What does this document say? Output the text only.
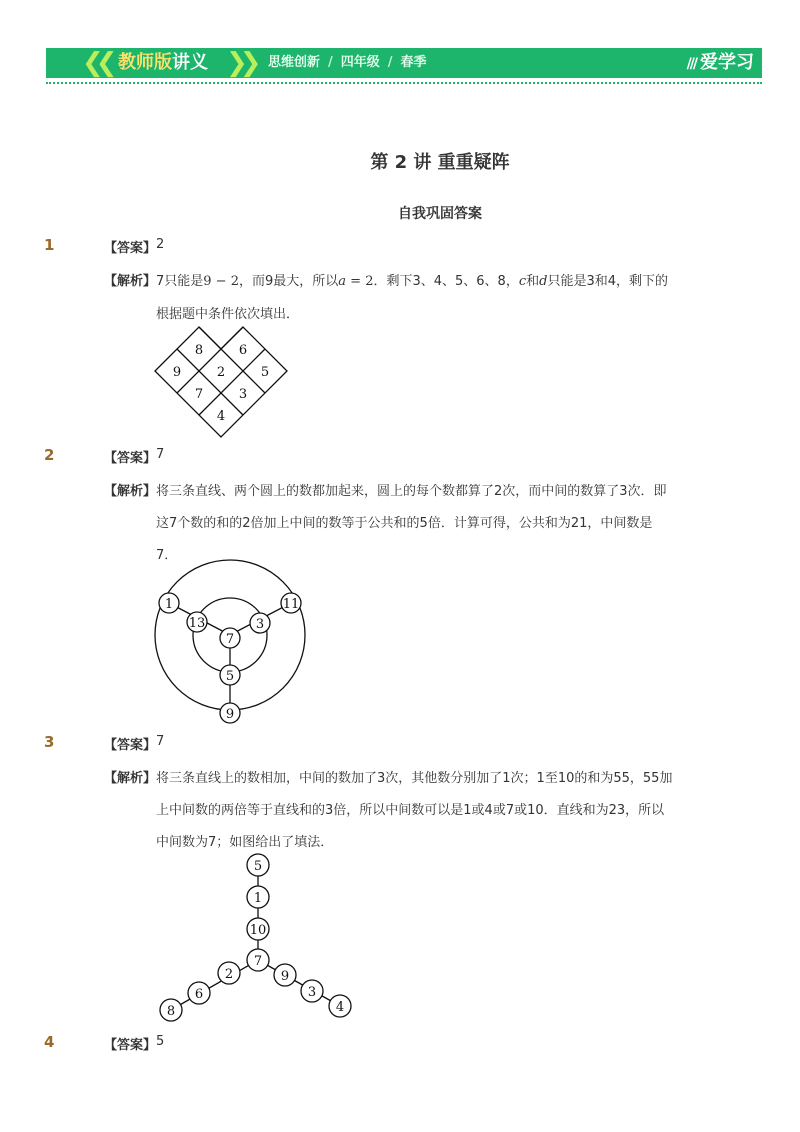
❮❮ 教师版讲义 ❯❯ 思维创新 / 四年级 / 春季	/// 爱学习
第 2 讲 重重疑阵
自我巩固答案
1	【答案】 2
【解析】 7只能是9 − 2，而9最大，所以a = 2．剩下3、4、5、6、8，c和d只能是3和4，剩下的
根据题中条件依次填出．
8	6
9	2	5
7	3
4
2	【答案】 7
【解析】 将三条直线、两个圆上的数都加起来，圆上的每个数都算了2次，而中间的数算了3次．即
这7个数的和的2倍加上中间的数等于公共和的5倍．计算可得，公共和为21，中间数是
7．
1	11
13	3
7
5
9
3	【答案】 7
【解析】 将三条直线上的数相加，中间的数加了3次，其他数分别加了1次；1至10的和为55，55加
上中间数的两倍等于直线和的3倍，所以中间数可以是1或4或7或10．直线和为23，所以
中间数为7；如图给出了填法．
5
1
10
7
2
6
8
9
3
4
4	【答案】 5
